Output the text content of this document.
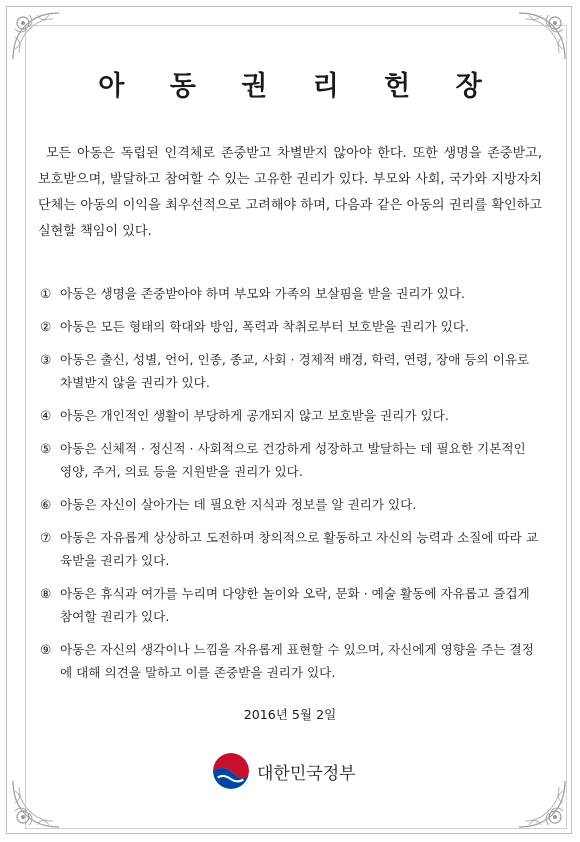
아 동 권 리 헌 장
모든 아동은 독립된 인격체로 존중받고 차별받지 않아야 한다. 또한 생명을 존중받고, 보호받으며, 발달하고 참여할 수 있는 고유한 권리가 있다. 부모와 사회, 국가와 지방자치단체는 아동의 이익을 최우선적으로 고려해야 하며, 다음과 같은 아동의 권리를 확인하고 실현할 책임이 있다.
① 아동은 생명을 존중받아야 하며 부모와 가족의 보살핌을 받을 권리가 있다.
② 아동은 모든 형태의 학대와 방임, 폭력과 착취로부터 보호받을 권리가 있다.
③ 아동은 출신, 성별, 언어, 인종, 종교, 사회 · 경제적 배경, 학력, 연령, 장애 등의 이유로 차별받지 않을 권리가 있다.
④ 아동은 개인적인 생활이 부당하게 공개되지 않고 보호받을 권리가 있다.
⑤ 아동은 신체적 · 정신적 · 사회적으로 건강하게 성장하고 발달하는 데 필요한 기본적인 영양, 주거, 의료 등을 지원받을 권리가 있다.
⑥ 아동은 자신이 살아가는 데 필요한 지식과 정보를 알 권리가 있다.
⑦ 아동은 자유롭게 상상하고 도전하며 창의적으로 활동하고 자신의 능력과 소질에 따라 교육받을 권리가 있다.
⑧ 아동은 휴식과 여가를 누리며 다양한 놀이와 오락, 문화 · 예술 활동에 자유롭고 즐겁게 참여할 권리가 있다.
⑨ 아동은 자신의 생각이나 느낌을 자유롭게 표현할 수 있으며, 자신에게 영향을 주는 결정에 대해 의견을 말하고 이를 존중받을 권리가 있다.
2016년 5월 2일
대한민국정부
